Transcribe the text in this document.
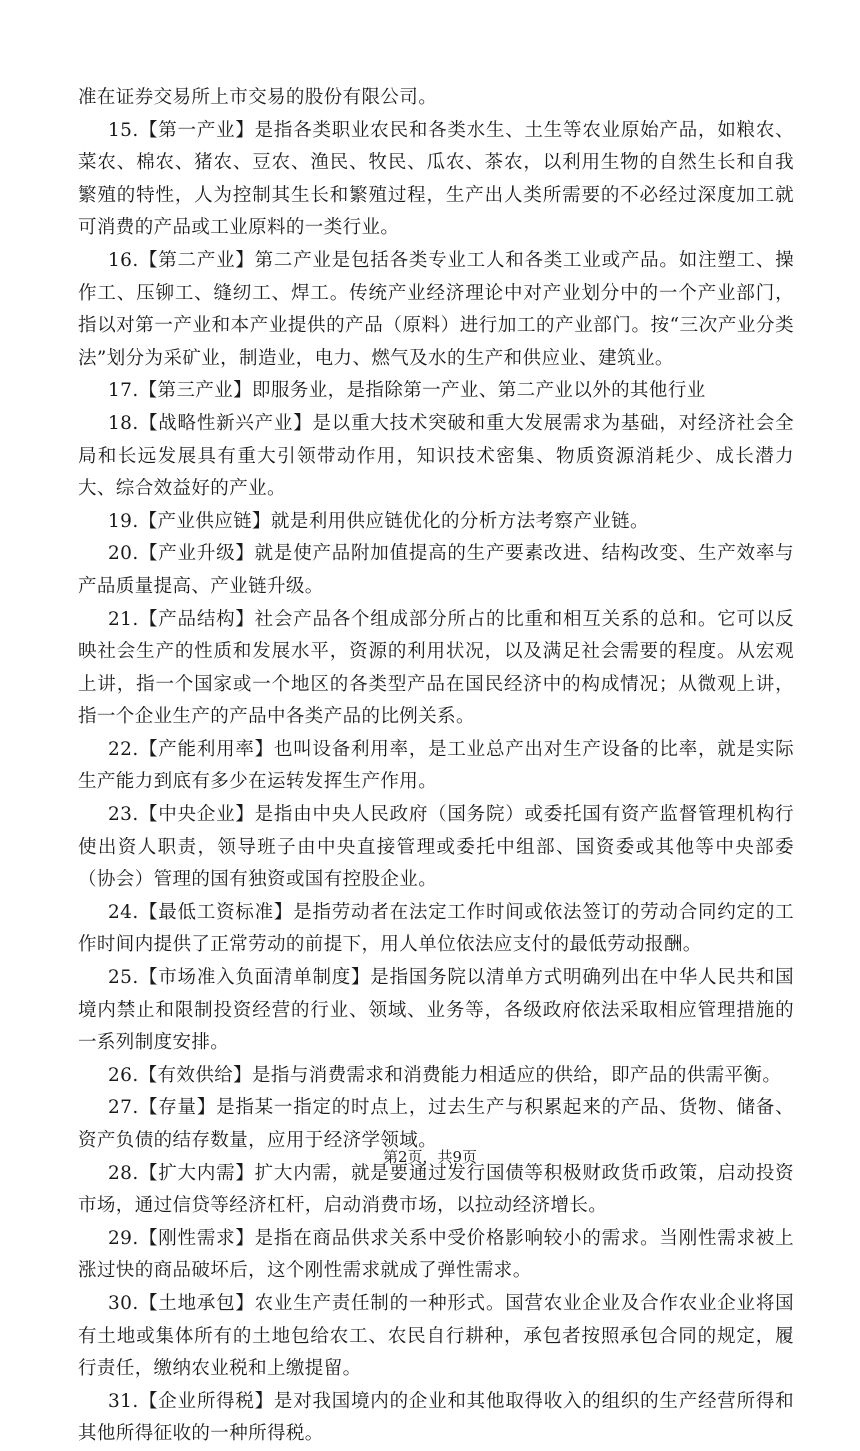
准在证券交易所上市交易的股份有限公司。

15.【第一产业】是指各类职业农民和各类水生、土生等农业原始产品，如粮农、菜农、棉农、猪农、豆农、渔民、牧民、瓜农、茶农，以利用生物的自然生长和自我繁殖的特性，人为控制其生长和繁殖过程，生产出人类所需要的不必经过深度加工就可消费的产品或工业原料的一类行业。

16.【第二产业】第二产业是包括各类专业工人和各类工业或产品。如注塑工、操作工、压铆工、缝纫工、焊工。传统产业经济理论中对产业划分中的一个产业部门，指以对第一产业和本产业提供的产品（原料）进行加工的产业部门。按“三次产业分类法”划分为采矿业，制造业，电力、燃气及水的生产和供应业、建筑业。

17.【第三产业】即服务业，是指除第一产业、第二产业以外的其他行业

18.【战略性新兴产业】是以重大技术突破和重大发展需求为基础，对经济社会全局和长远发展具有重大引领带动作用，知识技术密集、物质资源消耗少、成长潜力大、综合效益好的产业。

19.【产业供应链】就是利用供应链优化的分析方法考察产业链。

20.【产业升级】就是使产品附加值提高的生产要素改进、结构改变、生产效率与产品质量提高、产业链升级。

21.【产品结构】社会产品各个组成部分所占的比重和相互关系的总和。它可以反映社会生产的性质和发展水平，资源的利用状况，以及满足社会需要的程度。从宏观上讲，指一个国家或一个地区的各类型产品在国民经济中的构成情况；从微观上讲，指一个企业生产的产品中各类产品的比例关系。

22.【产能利用率】也叫设备利用率，是工业总产出对生产设备的比率，就是实际生产能力到底有多少在运转发挥生产作用。

23.【中央企业】是指由中央人民政府（国务院）或委托国有资产监督管理机构行使出资人职责，领导班子由中央直接管理或委托中组部、国资委或其他等中央部委（协会）管理的国有独资或国有控股企业。

24.【最低工资标准】是指劳动者在法定工作时间或依法签订的劳动合同约定的工作时间内提供了正常劳动的前提下，用人单位依法应支付的最低劳动报酬。

25.【市场准入负面清单制度】是指国务院以清单方式明确列出在中华人民共和国境内禁止和限制投资经营的行业、领域、业务等，各级政府依法采取相应管理措施的一系列制度安排。

26.【有效供给】是指与消费需求和消费能力相适应的供给，即产品的供需平衡。

27.【存量】是指某一指定的时点上，过去生产与积累起来的产品、货物、储备、资产负债的结存数量，应用于经济学领域。

28.【扩大内需】扩大内需，就是要通过发行国债等积极财政货币政策，启动投资市场，通过信贷等经济杠杆，启动消费市场，以拉动经济增长。

29.【刚性需求】是指在商品供求关系中受价格影响较小的需求。当刚性需求被上涨过快的商品破坏后，这个刚性需求就成了弹性需求。

30.【土地承包】农业生产责任制的一种形式。国营农业企业及合作农业企业将国有土地或集体所有的土地包给农工、农民自行耕种，承包者按照承包合同的规定，履行责任，缴纳农业税和上缴提留。

31.【企业所得税】是对我国境内的企业和其他取得收入的组织的生产经营所得和其他所得征收的一种所得税。

第2页，共9页
